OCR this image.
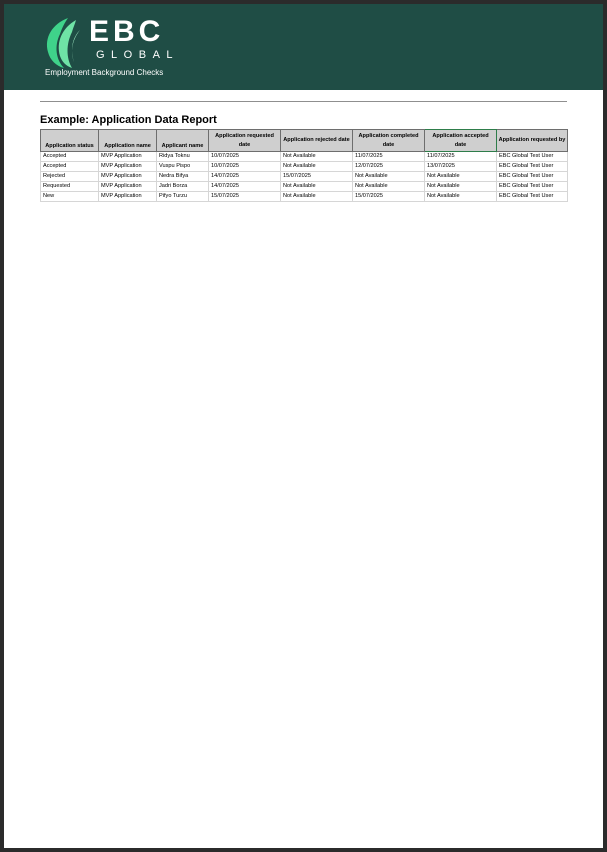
EBC
GLOBAL
Employment Background Checks
Example: Application Data Report
Application status	Application name	Applicant name	Application requested date	Application rejected date	Application completed date	Application accepted date	Application requested by
Accepted	MVP Application	Ridya Toknu	10/07/2025	Not Available	11/07/2025	11/07/2025	EBC Global Test User
Accepted	MVP Application	Vuspu Pispo	10/07/2025	Not Available	12/07/2025	13/07/2025	EBC Global Test User
Rejected	MVP Application	Nedra Bifya	14/07/2025	15/07/2025	Not Available	Not Available	EBC Global Test User
Requested	MVP Application	Jadri Borza	14/07/2025	Not Available	Not Available	Not Available	EBC Global Test User
New	MVP Application	Pifyo Turzu	15/07/2025	Not Available	15/07/2025	Not Available	EBC Global Test User
